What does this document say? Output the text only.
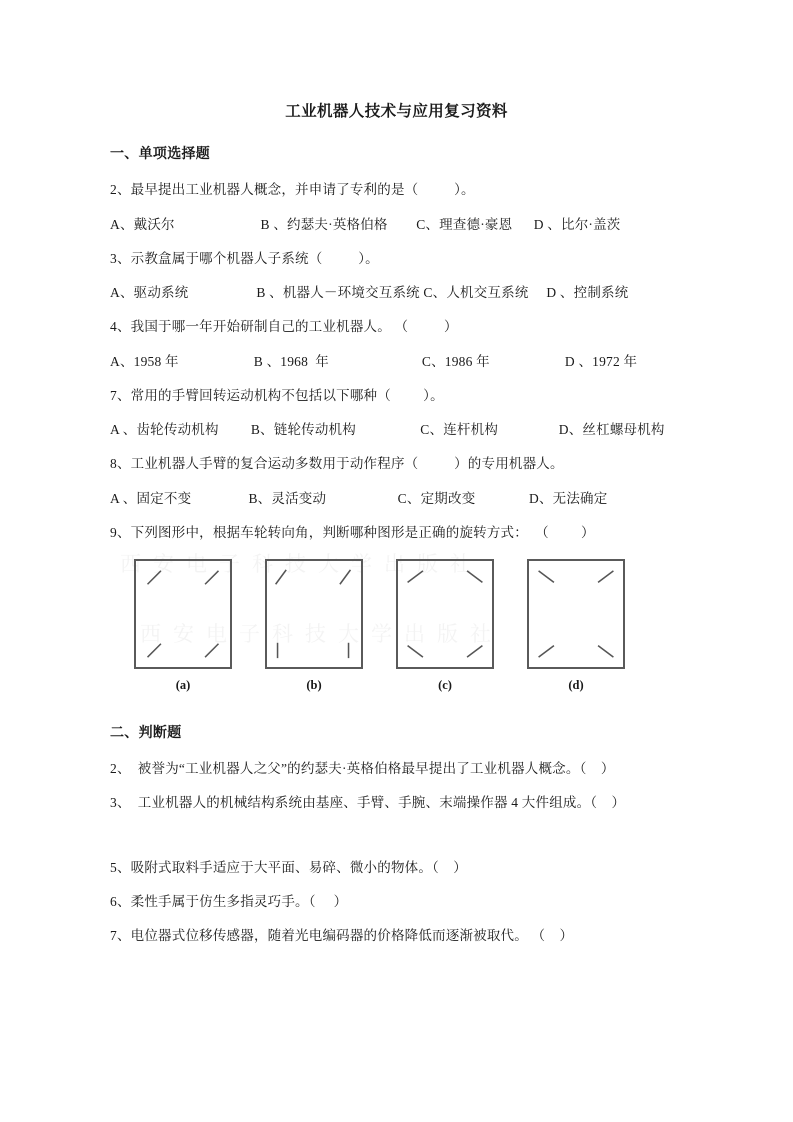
西安电子科技大学出版社
西安电子科技大学出版社
工业机器人技术与应用复习资料
一、单项选择题
2、最早提出工业机器人概念，并申请了专利的是（          ）。
A、戴沃尔                        B 、约瑟夫·英格伯格        C、理查德·豪恩      D 、比尔·盖茨
3、示教盒属于哪个机器人子系统（          ）。
A、驱动系统                   B 、机器人－环境交互系统 C、人机交互系统     D 、控制系统
4、我国于哪一年开始研制自己的工业机器人。 （          ）
A、1958 年                     B 、1968  年                          C、1986 年                     D 、1972 年
7、常用的手臂回转运动机构不包括以下哪种（         ）。
A 、齿轮传动机构         B、链轮传动机构                  C、连杆机构                 D、丝杠螺母机构
8、工业机器人手臂的复合运动多数用于动作程序（          ）的专用机器人。
A 、固定不变                B、灵活变动                    C、定期改变               D、无法确定
9、下列图形中，根据车轮转向角，判断哪种图形是正确的旋转方式：  （         ）
(a)	(b)	(c)	(d)
二、判断题
2、  被誉为“工业机器人之父”的约瑟夫·英格伯格最早提出了工业机器人概念。（    ）
3、  工业机器人的机械结构系统由基座、手臂、手腕、末端操作器 4 大件组成。（    ）
5、吸附式取料手适应于大平面、易碎、微小的物体。（    ）
6、柔性手属于仿生多指灵巧手。（     ）
7、电位器式位移传感器，随着光电编码器的价格降低而逐渐被取代。 （    ）
